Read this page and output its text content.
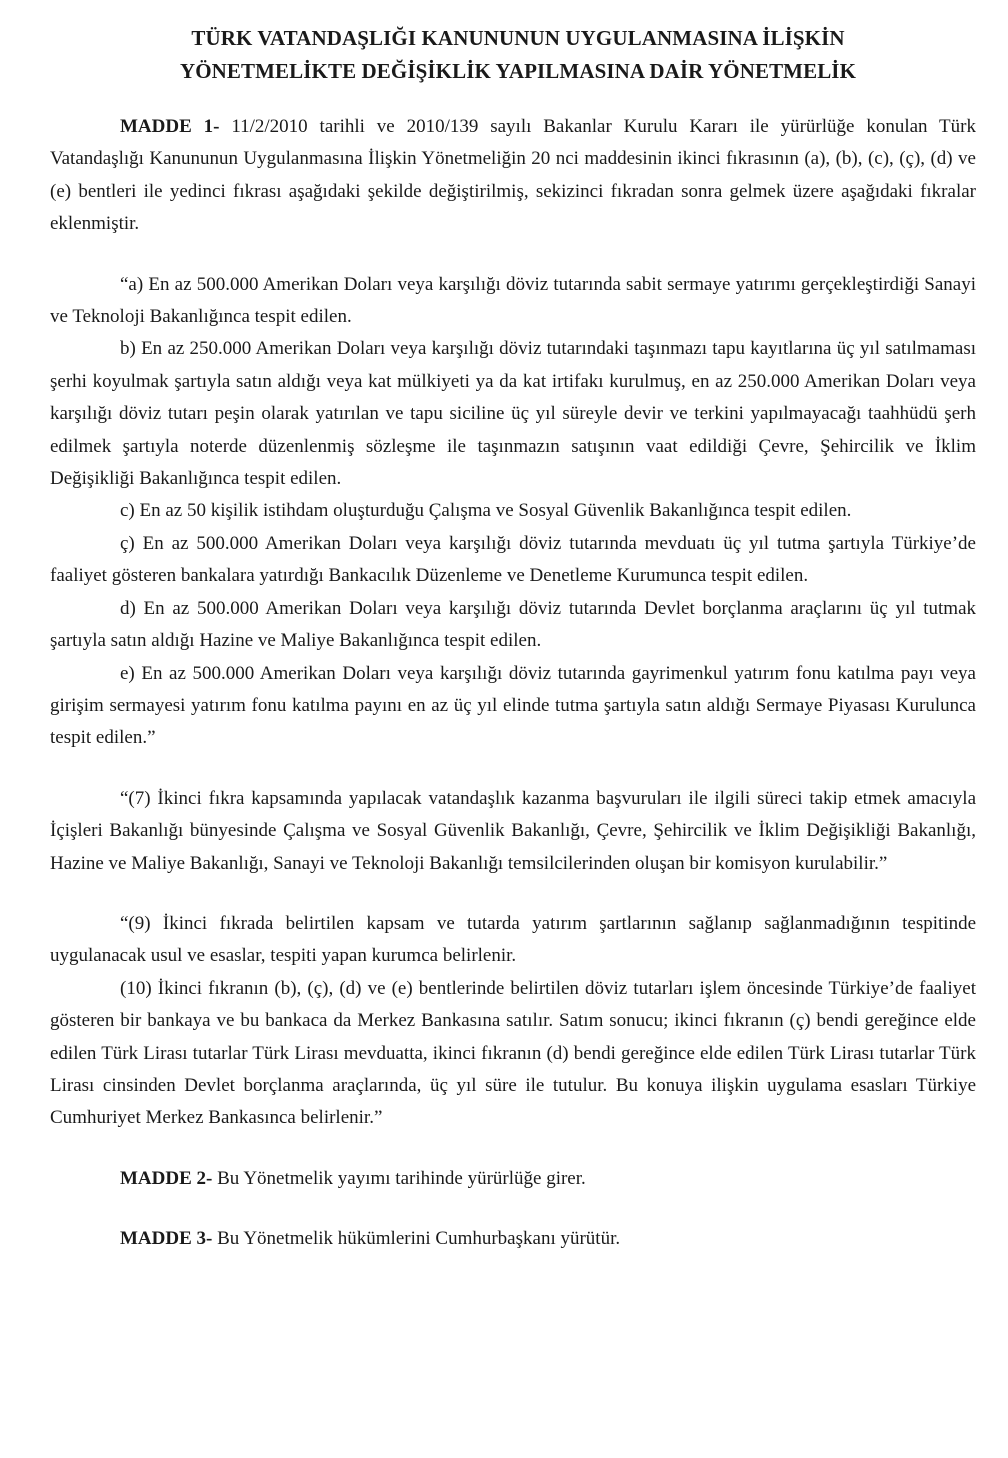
TÜRK VATANDAŞLIĞI KANUNUNUN UYGULANMASINA İLİŞKİN
YÖNETMELİKTE DEĞİŞİKLİK YAPILMASINA DAİR YÖNETMELİK

MADDE 1- 11/2/2010 tarihli ve 2010/139 sayılı Bakanlar Kurulu Kararı ile yürürlüğe konulan Türk Vatandaşlığı Kanununun Uygulanmasına İlişkin Yönetmeliğin 20 nci maddesinin ikinci fıkrasının (a), (b), (c), (ç), (d) ve (e) bentleri ile yedinci fıkrası aşağıdaki şekilde değiştirilmiş, sekizinci fıkradan sonra gelmek üzere aşağıdaki fıkralar eklenmiştir.

“a) En az 500.000 Amerikan Doları veya karşılığı döviz tutarında sabit sermaye yatırımı gerçekleştirdiği Sanayi ve Teknoloji Bakanlığınca tespit edilen.

b) En az 250.000 Amerikan Doları veya karşılığı döviz tutarındaki taşınmazı tapu kayıtlarına üç yıl satılmaması şerhi koyulmak şartıyla satın aldığı veya kat mülkiyeti ya da kat irtifakı kurulmuş, en az 250.000 Amerikan Doları veya karşılığı döviz tutarı peşin olarak yatırılan ve tapu siciline üç yıl süreyle devir ve terkini yapılmayacağı taahhüdü şerh edilmek şartıyla noterde düzenlenmiş sözleşme ile taşınmazın satışının vaat edildiği Çevre, Şehircilik ve İklim Değişikliği Bakanlığınca tespit edilen.

c) En az 50 kişilik istihdam oluşturduğu Çalışma ve Sosyal Güvenlik Bakanlığınca tespit edilen.

ç) En az 500.000 Amerikan Doları veya karşılığı döviz tutarında mevduatı üç yıl tutma şartıyla Türkiye’de faaliyet gösteren bankalara yatırdığı Bankacılık Düzenleme ve Denetleme Kurumunca tespit edilen.

d) En az 500.000 Amerikan Doları veya karşılığı döviz tutarında Devlet borçlanma araçlarını üç yıl tutmak şartıyla satın aldığı Hazine ve Maliye Bakanlığınca tespit edilen.

e) En az 500.000 Amerikan Doları veya karşılığı döviz tutarında gayrimenkul yatırım fonu katılma payı veya girişim sermayesi yatırım fonu katılma payını en az üç yıl elinde tutma şartıyla satın aldığı Sermaye Piyasası Kurulunca tespit edilen.”

“(7) İkinci fıkra kapsamında yapılacak vatandaşlık kazanma başvuruları ile ilgili süreci takip etmek amacıyla İçişleri Bakanlığı bünyesinde Çalışma ve Sosyal Güvenlik Bakanlığı, Çevre, Şehircilik ve İklim Değişikliği Bakanlığı, Hazine ve Maliye Bakanlığı, Sanayi ve Teknoloji Bakanlığı temsilcilerinden oluşan bir komisyon kurulabilir.”

“(9) İkinci fıkrada belirtilen kapsam ve tutarda yatırım şartlarının sağlanıp sağlanmadığının tespitinde uygulanacak usul ve esaslar, tespiti yapan kurumca belirlenir.

(10) İkinci fıkranın (b), (ç), (d) ve (e) bentlerinde belirtilen döviz tutarları işlem öncesinde Türkiye’de faaliyet gösteren bir bankaya ve bu bankaca da Merkez Bankasına satılır. Satım sonucu; ikinci fıkranın (ç) bendi gereğince elde edilen Türk Lirası tutarlar Türk Lirası mevduatta, ikinci fıkranın (d) bendi gereğince elde edilen Türk Lirası tutarlar Türk Lirası cinsinden Devlet borçlanma araçlarında, üç yıl süre ile tutulur. Bu konuya ilişkin uygulama esasları Türkiye Cumhuriyet Merkez Bankasınca belirlenir.”

MADDE 2- Bu Yönetmelik yayımı tarihinde yürürlüğe girer.

MADDE 3- Bu Yönetmelik hükümlerini Cumhurbaşkanı yürütür.
